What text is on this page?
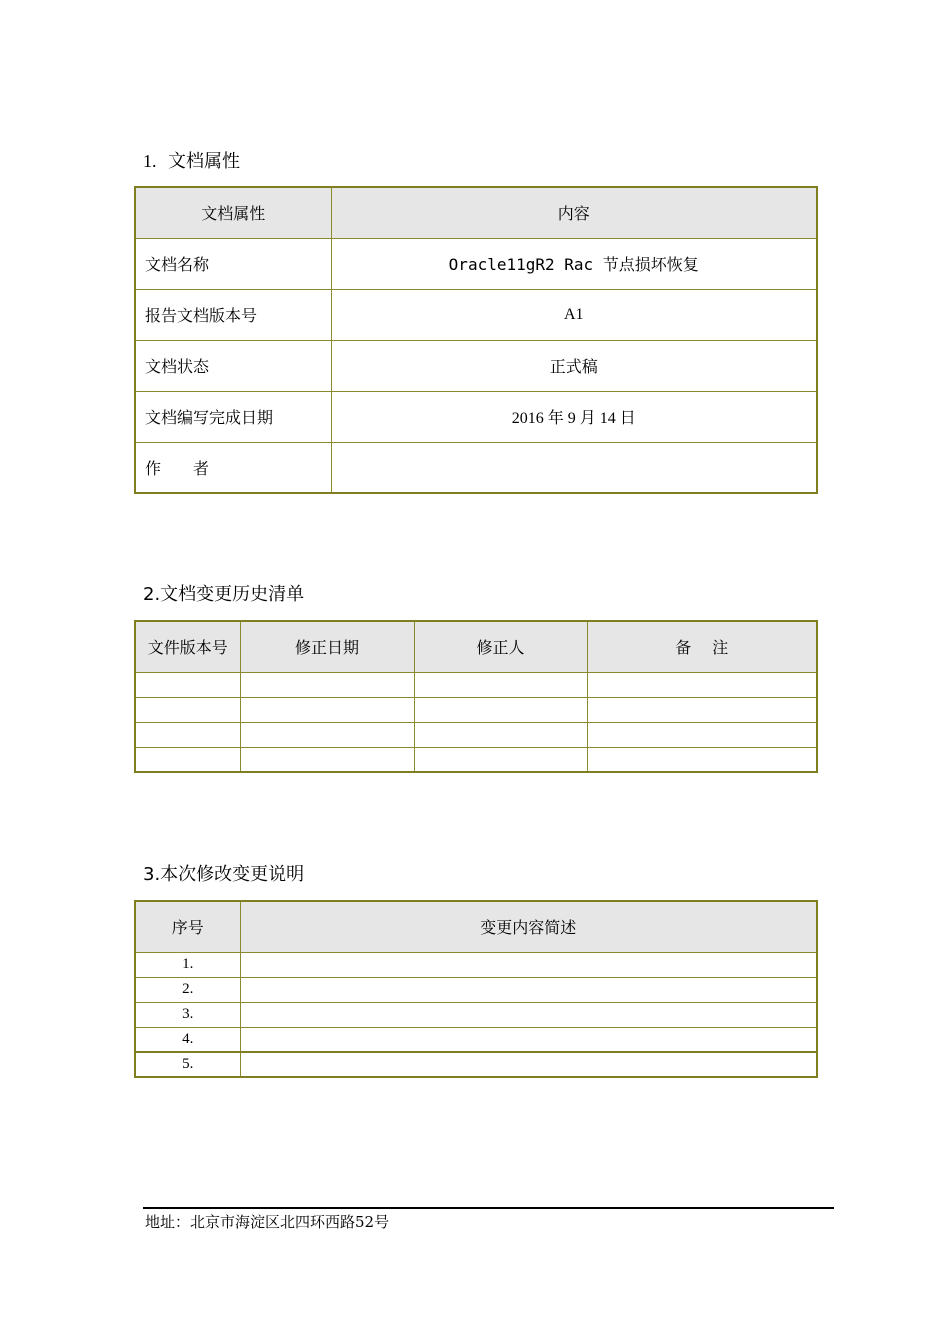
1. 文档属性
文档属性	内容
文档名称	Oracle11gR2 Rac 节点损坏恢复
报告文档版本号	A1
文档状态	正式稿
文档编写完成日期	2016 年 9 月 14 日
作　　者	
2.文档变更历史清单
文件版本号	修正日期	修正人	备　 注

3.本次修改变更说明
序号	变更内容简述
1.	
2.	
3.	
4.	
5.	
地址：北京市海淀区北四环西路52号
